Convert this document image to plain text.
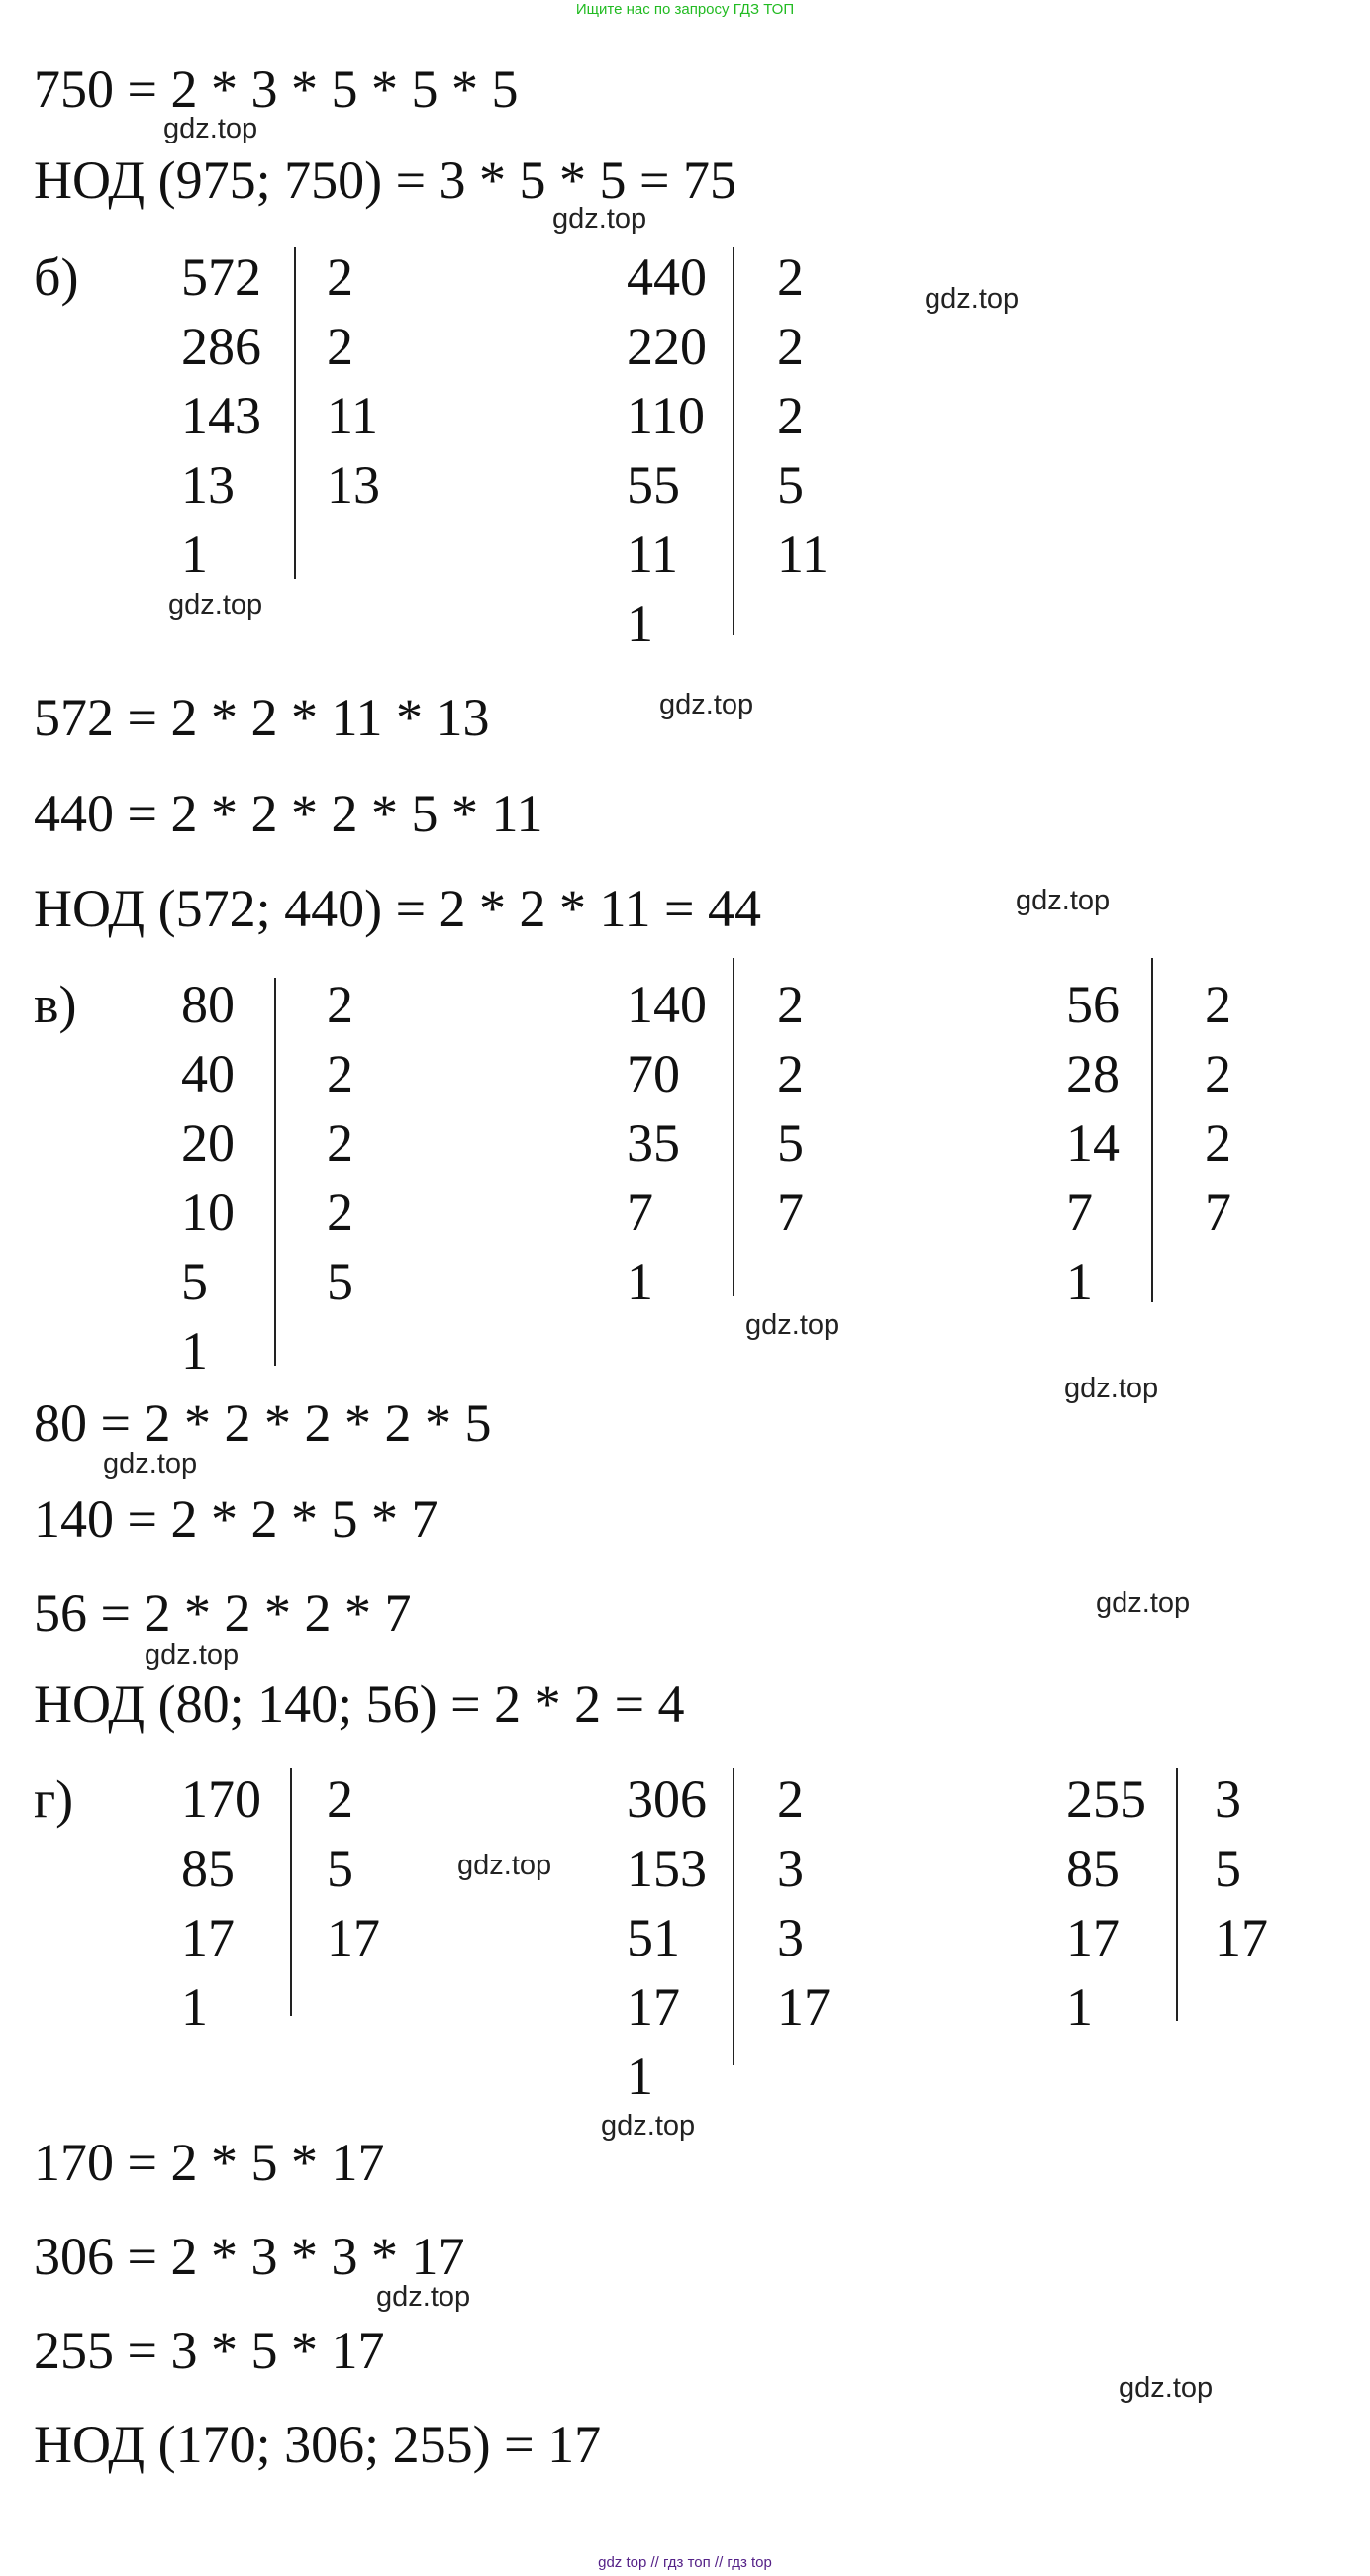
Ищите нас по запросу ГДЗ ТОП
750 = 2 * 3 * 5 * 5 * 5
НОД (975; 750) = 3 * 5 * 5 = 75
б) 572
286
143
13
1
2
2
11
13
440
220
110
55
11
1
2
2
2
5
11
572 = 2 * 2 * 11 * 13
440 = 2 * 2 * 2 * 5 * 11
НОД (572; 440) = 2 * 2 * 11 = 44
в) 80
40
20
10
5
1
2
2
2
2
5
140
70
35
7
1
2
2
5
7
56
28
14
7
1
2
2
2
7
80 = 2 * 2 * 2 * 2 * 5
140 = 2 * 2 * 5 * 7
56 = 2 * 2 * 2 * 7
НОД (80; 140; 56) = 2 * 2 = 4
г) 170
85
17
1
2
5
17
306
153
51
17
1
2
3
3
17
255
85
17
1
3
5
17
170 = 2 * 5 * 17
306 = 2 * 3 * 3 * 17
255 = 3 * 5 * 17
НОД (170; 306; 255) = 17
gdz.top
gdz.top
gdz.top
gdz.top
gdz.top
gdz.top
gdz.top
gdz.top
gdz.top
gdz.top
gdz.top
gdz.top
gdz.top
gdz.top
gdz.top
gdz top // гдз топ // гдз top
